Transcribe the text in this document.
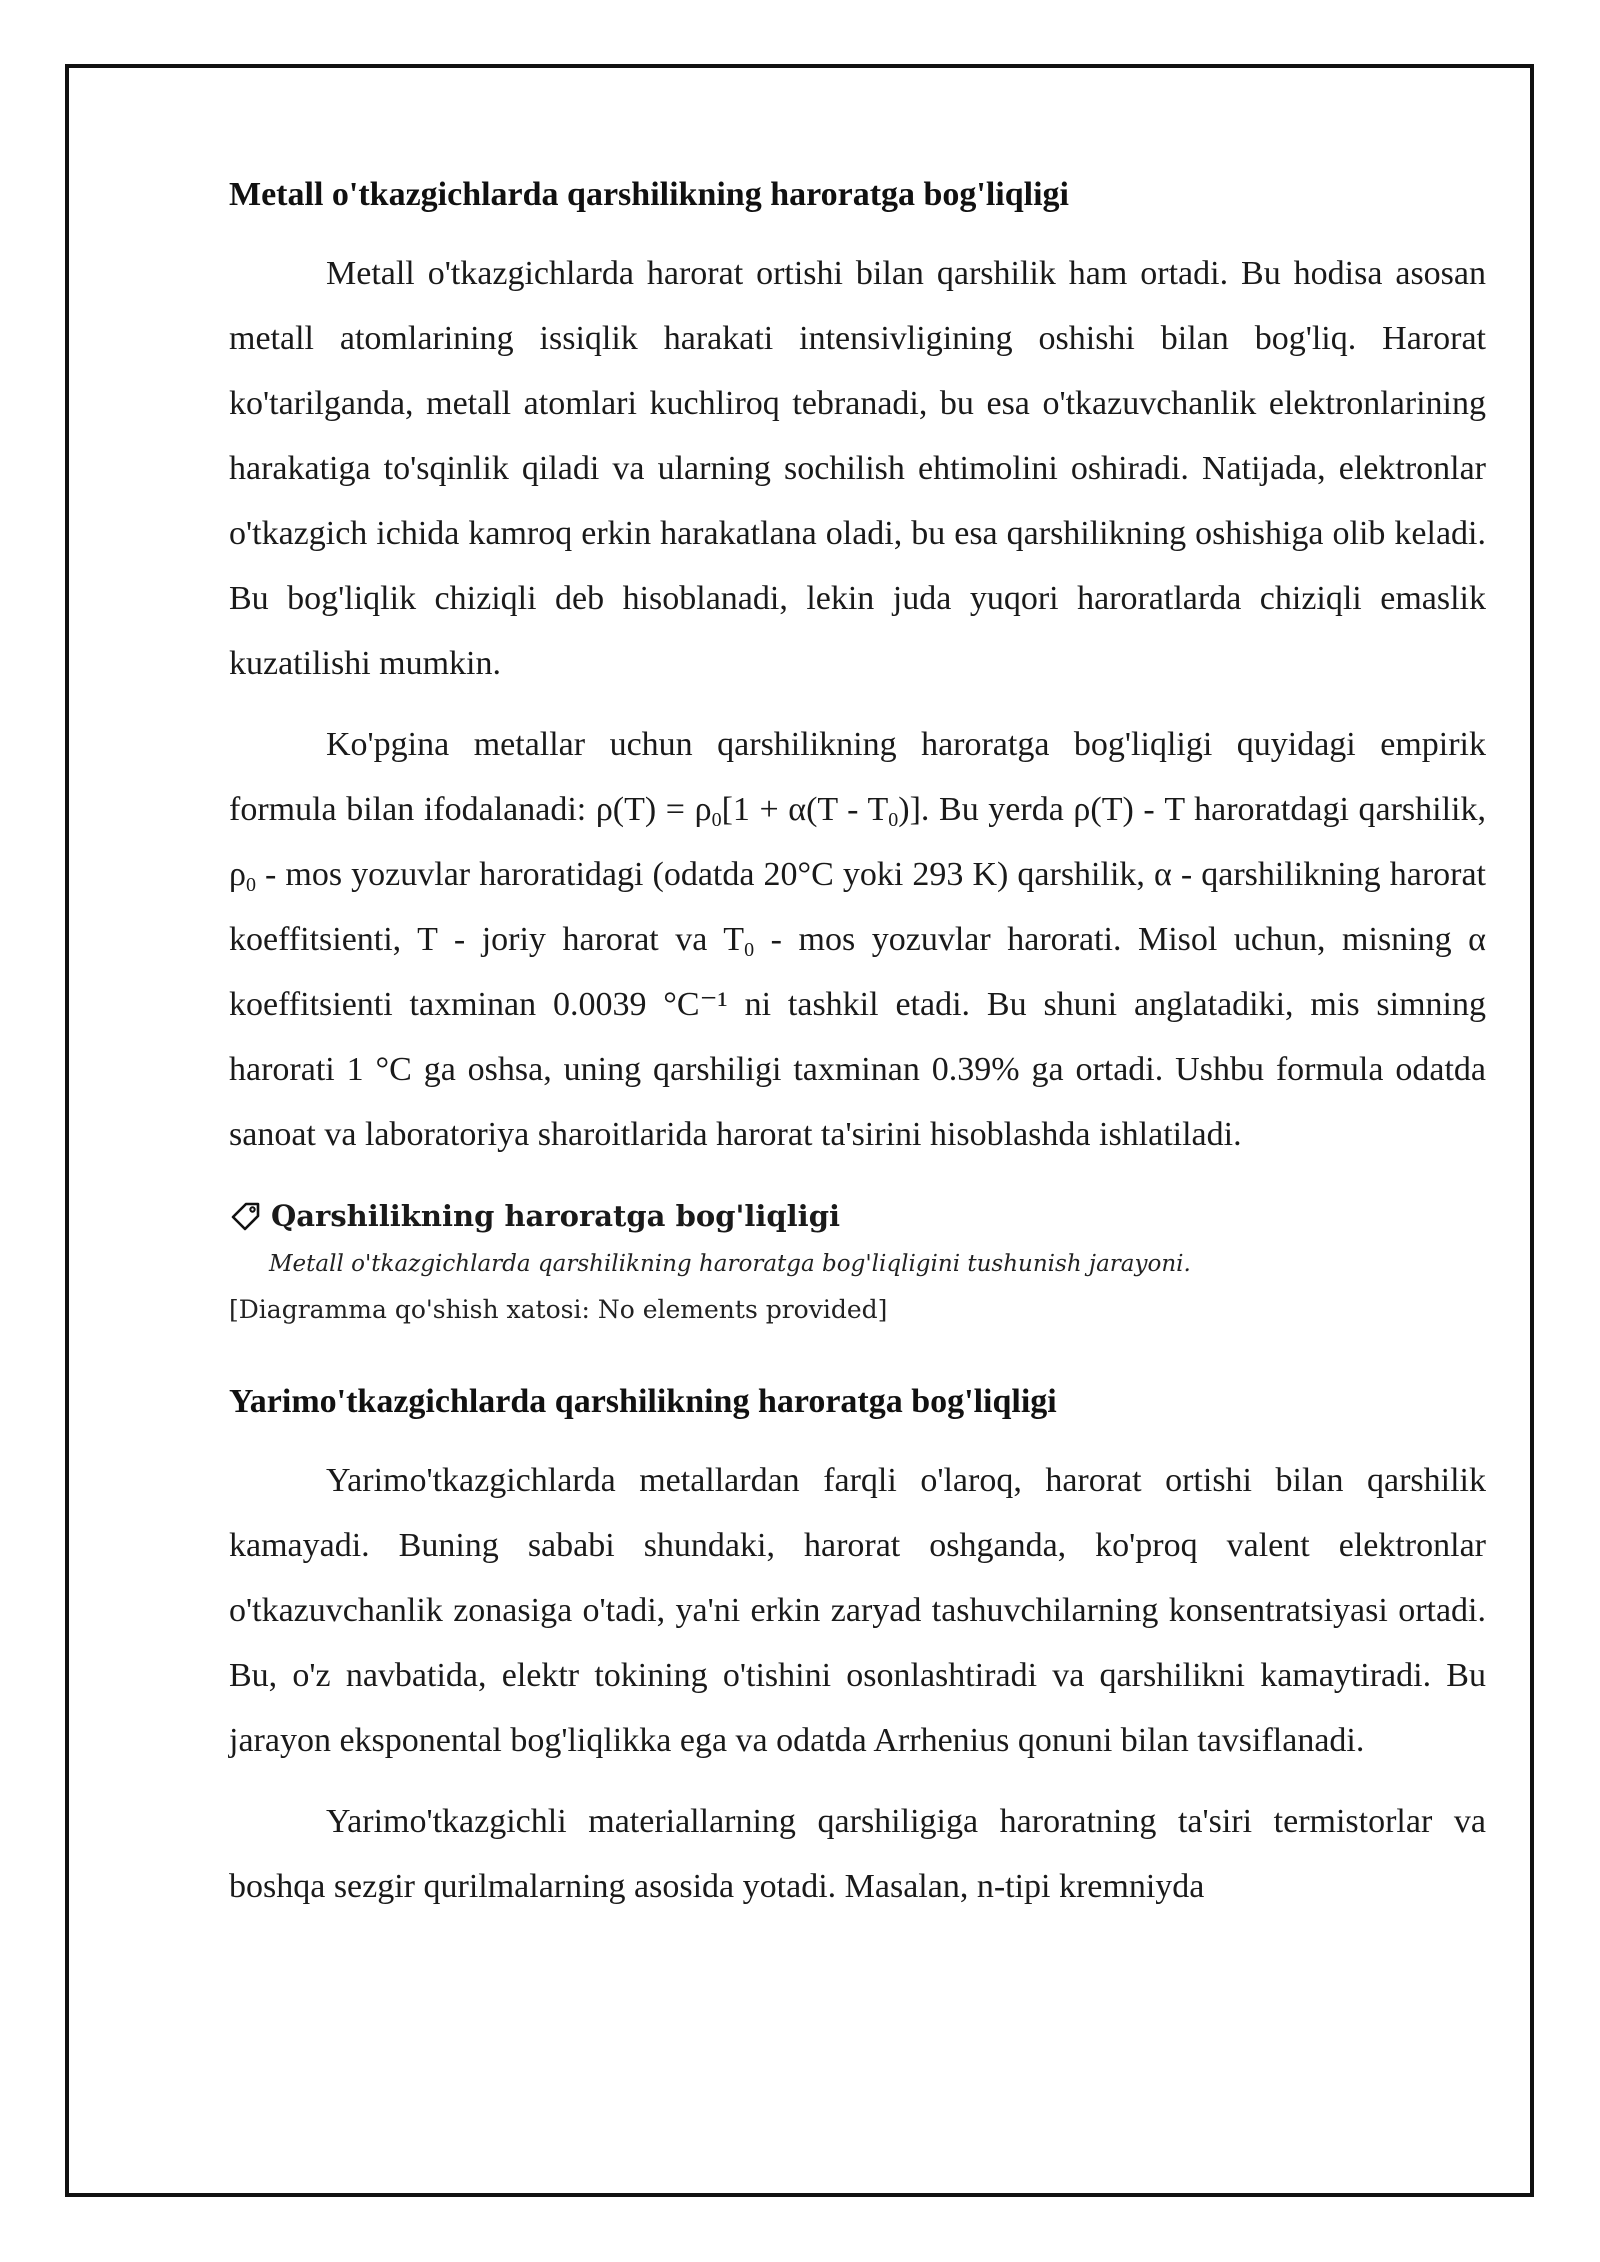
Metall o'tkazgichlarda qarshilikning haroratga bog'liqligi

Metall o'tkazgichlarda harorat ortishi bilan qarshilik ham ortadi. Bu hodisa asosan metall atomlarining issiqlik harakati intensivligining oshishi bilan bog'liq. Harorat ko'tarilganda, metall atomlari kuchliroq tebranadi, bu esa o'tkazuvchanlik elektronlarining harakatiga to'sqinlik qiladi va ularning sochilish ehtimolini oshiradi. Natijada, elektronlar o'tkazgich ichida kamroq erkin harakatlana oladi, bu esa qarshilikning oshishiga olib keladi. Bu bog'liqlik chiziqli deb hisoblanadi, lekin juda yuqori haroratlarda chiziqli emaslik kuzatilishi mumkin.

Ko'pgina metallar uchun qarshilikning haroratga bog'liqligi quyidagi empirik formula bilan ifodalanadi: $\rho(T) = \rho_0[1 + \alpha(T - T_0)]$. Bu yerda ρ(T) - T haroratdagi qarshilik, $\rho_0$ - mos yozuvlar haroratidagi (odatda 20°C yoki 293 K) qarshilik, α - qarshilikning harorat koeffitsienti, T - joriy harorat va $T_0$ - mos yozuvlar harorati. Misol uchun, misning α koeffitsienti taxminan 0.0039 °C⁻¹ ni tashkil etadi. Bu shuni anglatadiki, mis simning harorati 1 °C ga oshsa, uning qarshiligi taxminan 0.39% ga ortadi. Ushbu formula odatda sanoat va laboratoriya sharoitlarida harorat ta'sirini hisoblashda ishlatiladi.

Qarshilikning haroratga bog'liqligi

Metall o'tkazgichlarda qarshilikning haroratga bog'liqligini tushunish jarayoni.

[Diagramma qo'shish xatosi: No elements provided]

Yarimo'tkazgichlarda qarshilikning haroratga bog'liqligi

Yarimo'tkazgichlarda metallardan farqli o'laroq, harorat ortishi bilan qarshilik kamayadi. Buning sababi shundaki, harorat oshganda, ko'proq valent elektronlar o'tkazuvchanlik zonasiga o'tadi, ya'ni erkin zaryad tashuvchilarning konsentratsiyasi ortadi. Bu, o'z navbatida, elektr tokining o'tishini osonlashtiradi va qarshilikni kamaytiradi. Bu jarayon eksponental bog'liqlikka ega va odatda Arrhenius qonuni bilan tavsiflanadi.

Yarimo'tkazgichli materiallarning qarshiligiga haroratning ta'siri termistorlar va boshqa sezgir qurilmalarning asosida yotadi. Masalan, n-tipi kremniyda
